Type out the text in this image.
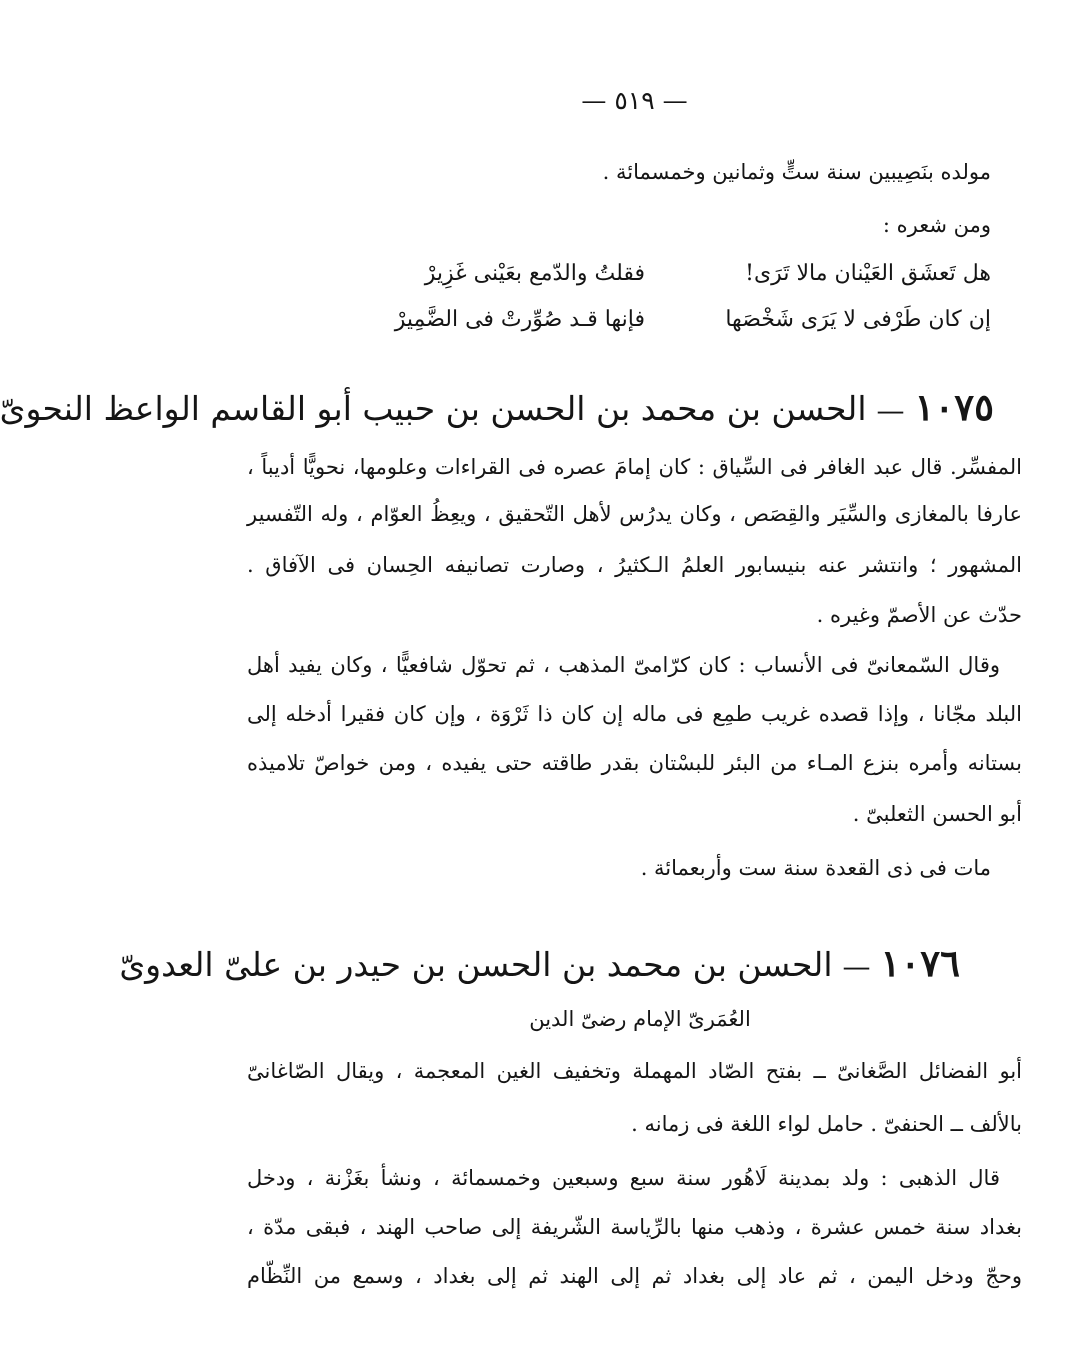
— ٥١٩ —
مولده بنَصِيبين سنة ستٍّ وثمانين وخمسمائة .
ومن شعره :
هل تَعشَق العَيْنان مالا تَرَى!
فقلتُ والدّمع بعَيْنى غَزِيرْ
إن كان طَرْفى لا يَرَى شَخْصَها
فإنها قـد صُوِّرتْ فى الضَّمِيرْ
١٠٧٥—الحسن بن محمد بن الحسن بن حبيب أبو القاسم الواعظ النحوىّ
المفسِّر. قال عبد الغافر فى السِّياق : كان إمامَ عصره فى القراءات وعلومها، نحويًّا أديباً ،
عارفا بالمغازى والسِّيَر والقِصَص ، وكان يدرُس لأهل التّحقيق ، ويعِظُ العوّام ، وله التّفسير
المشهور ؛ وانتشر عنه بنيسابور العلمُ الـكثيرُ ، وصارت تصانيفه الحِسان فى الآفاق .
حدّث عن الأصمّ وغيره .
وقال السّمعانىّ فى الأنساب : كان كرّامىّ المذهب ، ثم تحوّل شافعيًّا ، وكان يفيد أهل
البلد مجّانا ، وإذا قصده غريب طمِع فى ماله إن كان ذا ثَرْوَة ، وإن كان فقيرا أدخله إلى
بستانه وأمره بنزع المـاء من البئر للبسْتان بقدر طاقته حتى يفيده ، ومن خواصّ تلاميذه
أبو الحسن الثعلبىّ .
مات فى ذى القعدة سنة ست وأربعمائة .
١٠٧٦—الحسن بن محمد بن الحسن بن حيدر بن علىّ العدوىّ
العُمَرىّ الإمام رضىّ الدين
أبو الفضائل الصَّغانىّ ــ بفتح الصّاد المهملة وتخفيف الغين المعجمة ، ويقال الصّاغانىّ
بالألف ــ الحنفىّ . حامل لواء اللغة فى زمانه .
قال الذهبى : ولد بمدينة لَاهُور سنة سبع وسبعين وخمسمائة ، ونشأ بغَزْنة ، ودخل
بغداد سنة خمس عشرة ، وذهب منها بالرِّياسة الشّريفة إلى صاحب الهند ، فبقى مدّة ،
وحجّ ودخل اليمن ، ثم عاد إلى بغداد ثم إلى الهند ثم إلى بغداد ، وسمع من النِّظّام
